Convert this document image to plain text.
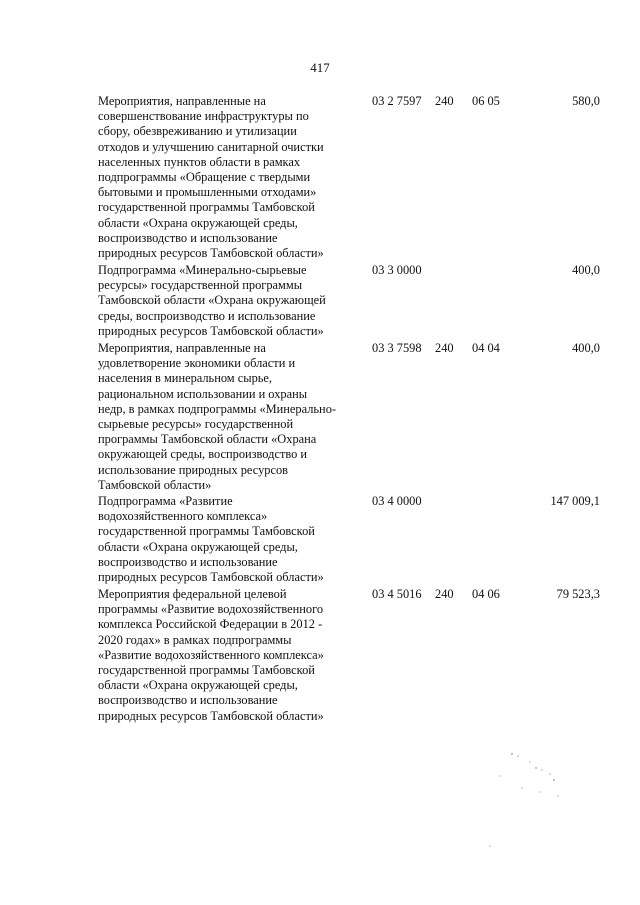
417
Мероприятия, направленные на
совершенствование инфраструктуры по
сбору, обезвреживанию и утилизации
отходов и улучшению санитарной очистки
населенных пунктов области в рамках
подпрограммы «Обращение с твердыми
бытовыми и промышленными отходами»
государственной программы Тамбовской
области «Охрана окружающей среды,
воспроизводство и использование
природных ресурсов Тамбовской области»
03 2 7597	240	06 05	580,0
Подпрограмма «Минерально-сырьевые
ресурсы» государственной программы
Тамбовской области «Охрана окружающей
среды, воспроизводство и использование
природных ресурсов Тамбовской области»
03 3 0000	400,0
Мероприятия, направленные на
удовлетворение экономики области и
населения в минеральном сырье,
рациональном использовании и охраны
недр, в рамках подпрограммы «Минерально-
сырьевые ресурсы» государственной
программы Тамбовской области «Охрана
окружающей среды, воспроизводство и
использование природных ресурсов
Тамбовской области»
03 3 7598	240	04 04	400,0
Подпрограмма «Развитие
водохозяйственного комплекса»
государственной программы Тамбовской
области «Охрана окружающей среды,
воспроизводство и использование
природных ресурсов Тамбовской области»
03 4 0000	147 009,1
Мероприятия федеральной целевой
программы «Развитие водохозяйственного
комплекса Российской Федерации в 2012 -
2020 годах» в рамках подпрограммы
«Развитие водохозяйственного комплекса»
государственной программы Тамбовской
области «Охрана окружающей среды,
воспроизводство и использование
природных ресурсов Тамбовской области»
03 4 5016	240	04 06	79 523,3
